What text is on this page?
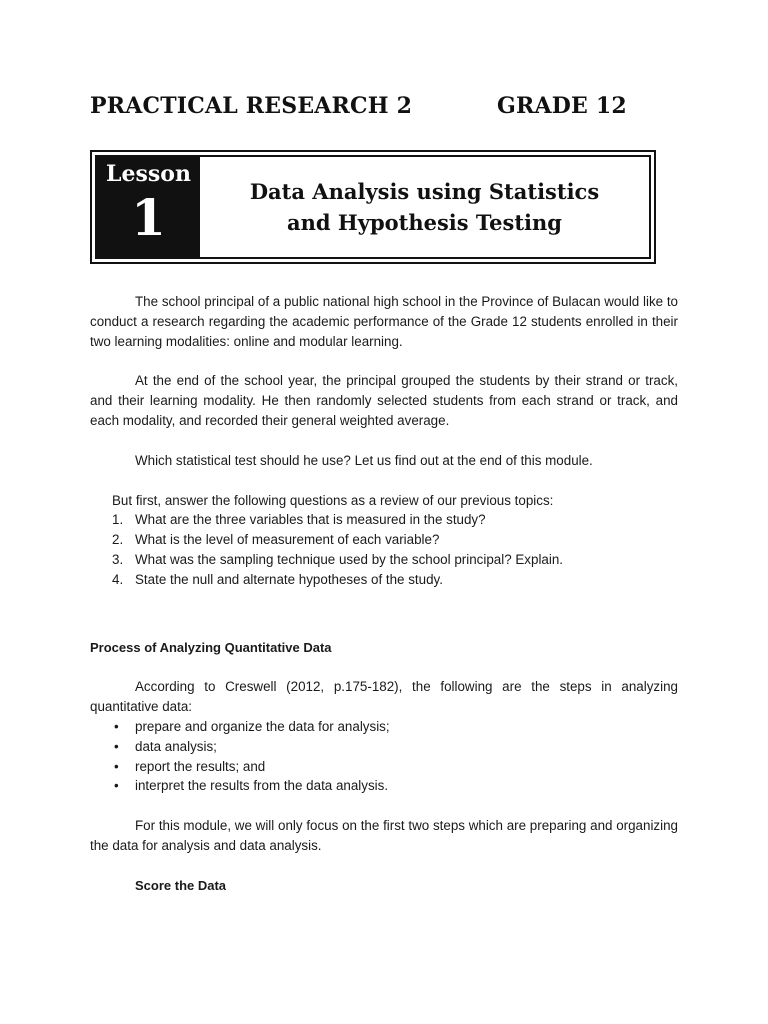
PRACTICAL RESEARCH 2	GRADE 12
Lesson
1	Data Analysis using Statistics
and Hypothesis Testing

The school principal of a public national high school in the Province of Bulacan would like to conduct a research regarding the academic performance of the Grade 12 students enrolled in their two learning modalities: online and modular learning.

At the end of the school year, the principal grouped the students by their strand or track, and their learning modality. He then randomly selected students from each strand or track, and each modality, and recorded their general weighted average.

Which statistical test should he use? Let us find out at the end of this module.

But first, answer the following questions as a review of our previous topics:

1. What are the three variables that is measured in the study?
2. What is the level of measurement of each variable?
3. What was the sampling technique used by the school principal? Explain.
4. State the null and alternate hypotheses of the study.

Process of Analyzing Quantitative Data

According to Creswell (2012, p.175-182), the following are the steps in analyzing quantitative data:

• prepare and organize the data for analysis;
• data analysis;
• report the results; and
• interpret the results from the data analysis.

For this module, we will only focus on the first two steps which are preparing and organizing the data for analysis and data analysis.

Score the Data
